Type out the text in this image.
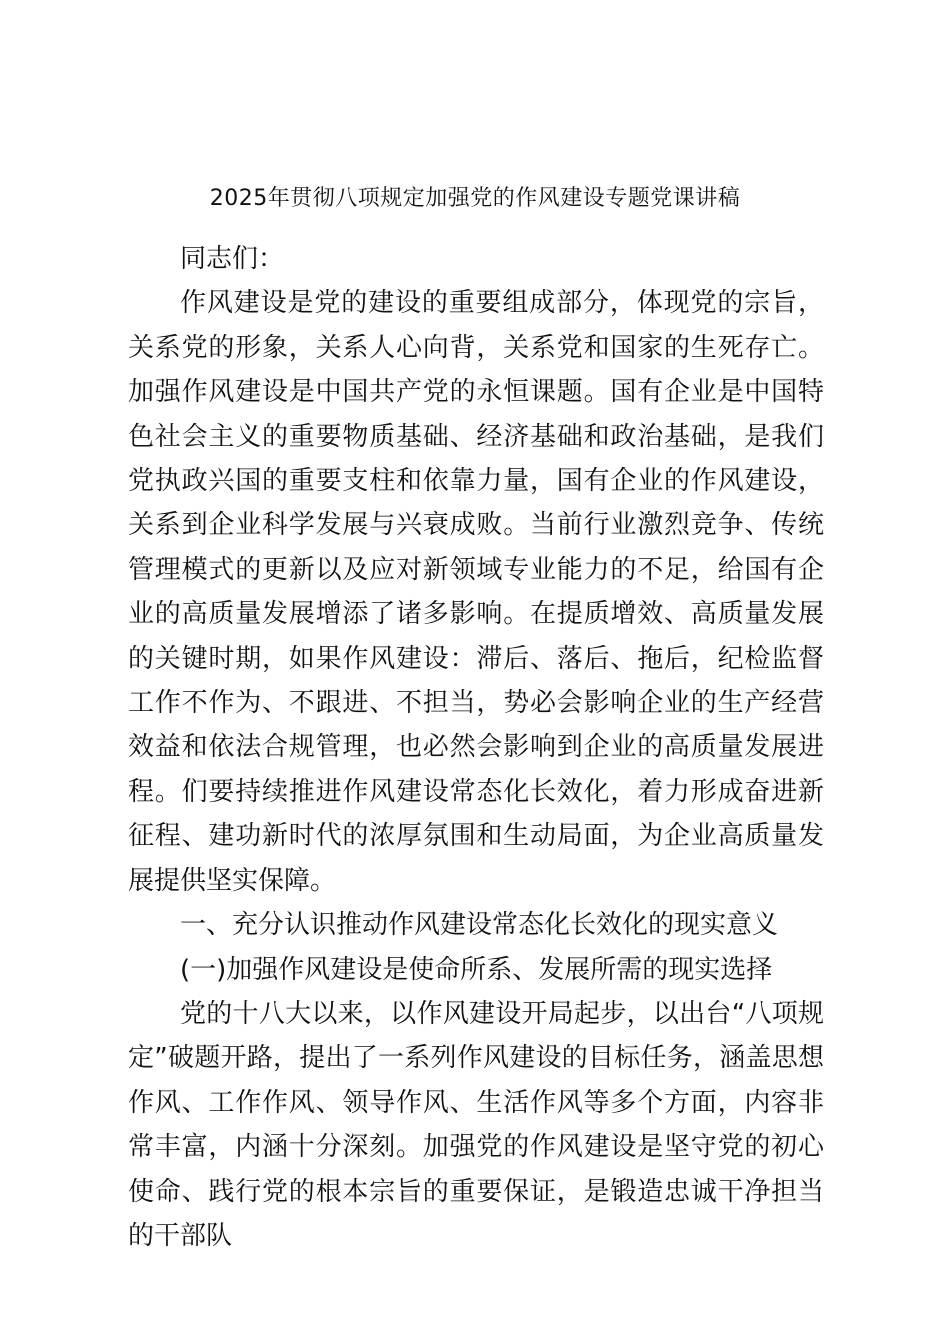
2025年贯彻八项规定加强党的作风建设专题党课讲稿

同志们：

作风建设是党的建设的重要组成部分，体现党的宗旨，关系党的形象，关系人心向背，关系党和国家的生死存亡。加强作风建设是中国共产党的永恒课题。国有企业是中国特色社会主义的重要物质基础、经济基础和政治基础，是我们党执政兴国的重要支柱和依靠力量，国有企业的作风建设，关系到企业科学发展与兴衰成败。当前行业激烈竞争、传统管理模式的更新以及应对新领域专业能力的不足，给国有企业的高质量发展增添了诸多影响。在提质增效、高质量发展的关键时期，如果作风建设：滞后、落后、拖后，纪检监督工作不作为、不跟进、不担当，势必会影响企业的生产经营效益和依法合规管理，也必然会影响到企业的高质量发展进程。们要持续推进作风建设常态化长效化，着力形成奋进新征程、建功新时代的浓厚氛围和生动局面，为企业高质量发展提供坚实保障。

一、充分认识推动作风建设常态化长效化的现实意义

(一)加强作风建设是使命所系、发展所需的现实选择

党的十八大以来，以作风建设开局起步，以出台“八项规定”破题开路，提出了一系列作风建设的目标任务，涵盖思想作风、工作作风、领导作风、生活作风等多个方面，内容非常丰富，内涵十分深刻。加强党的作风建设是坚守党的初心使命、践行党的根本宗旨的重要保证，是锻造忠诚干净担当的干部队
